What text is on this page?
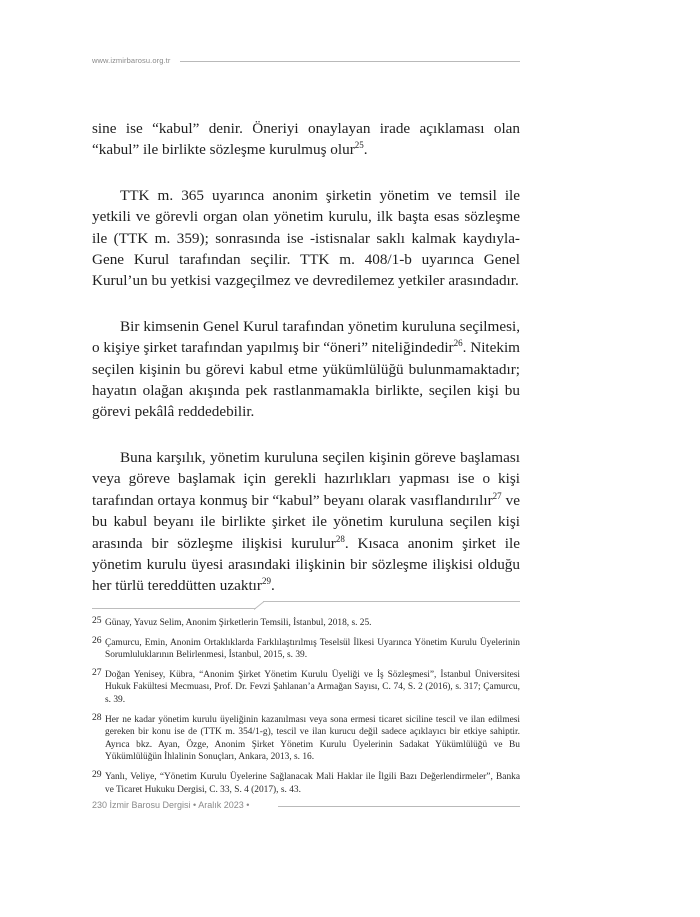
www.izmirbarosu.org.tr

sine ise “kabul” denir. Öneriyi onaylayan irade açıklaması olan “kabul” ile birlikte sözleşme kurulmuş olur$^{25}$.

TTK m. 365 uyarınca anonim şirketin yönetim ve temsil ile yetkili ve görevli organ olan yönetim kurulu, ilk başta esas sözleşme ile (TTK m. 359); sonrasında ise -istisnalar saklı kalmak kaydıyla- Gene Kurul tarafından seçilir. TTK m. 408/1-b uyarınca Genel Kurul’un bu yetkisi vazgeçilmez ve devredilemez yetkiler arasındadır.

Bir kimsenin Genel Kurul tarafından yönetim kuruluna seçilmesi, o kişiye şirket tarafından yapılmış bir “öneri” niteliğindedir$^{26}$. Nitekim seçilen kişinin bu görevi kabul etme yükümlülüğü bulunmamaktadır; hayatın olağan akışında pek rastlanmamakla birlikte, seçilen kişi bu görevi pekâlâ reddedebilir.

Buna karşılık, yönetim kuruluna seçilen kişinin göreve başlaması veya göreve başlamak için gerekli hazırlıkları yapması ise o kişi tarafından ortaya konmuş bir “kabul” beyanı olarak vasıflandırılır$^{27}$ ve bu kabul beyanı ile birlikte şirket ile yönetim kuruluna seçilen kişi arasında bir sözleşme ilişkisi kurulur$^{28}$. Kısaca anonim şirket ile yönetim kurulu üyesi arasındaki ilişkinin bir sözleşme ilişkisi olduğu her türlü tereddütten uzaktır$^{29}$.

25 Günay, Yavuz Selim, Anonim Şirketlerin Temsili, İstanbul, 2018, s. 25.
26 Çamurcu, Emin, Anonim Ortaklıklarda Farklılaştırılmış Teselsül İlkesi Uyarınca Yönetim Kurulu Üyelerinin Sorumluluklarının Belirlenmesi, İstanbul, 2015, s. 39.
27 Doğan Yenisey, Kübra, “Anonim Şirket Yönetim Kurulu Üyeliği ve İş Sözleşmesi”, İstanbul Üniversitesi Hukuk Fakültesi Mecmuası, Prof. Dr. Fevzi Şahlanan’a Armağan Sayısı, C. 74, S. 2 (2016), s. 317; Çamurcu, s. 39.
28 Her ne kadar yönetim kurulu üyeliğinin kazanılması veya sona ermesi ticaret siciline tescil ve ilan edilmesi gereken bir konu ise de (TTK m. 354/1-g), tescil ve ilan kurucu değil sadece açıklayıcı bir etkiye sahiptir. Ayrıca bkz. Ayan, Özge, Anonim Şirket Yönetim Kurulu Üyelerinin Sadakat Yükümlülüğü ve Bu Yükümlülüğün İhlalinin Sonuçları, Ankara, 2013, s. 16.
29 Yanlı, Veliye, “Yönetim Kurulu Üyelerine Sağlanacak Mali Haklar ile İlgili Bazı Değerlendirmeler”, Banka ve Ticaret Hukuku Dergisi, C. 33, S. 4 (2017), s. 43.
230 İzmir Barosu Dergisi • Aralık 2023 •
